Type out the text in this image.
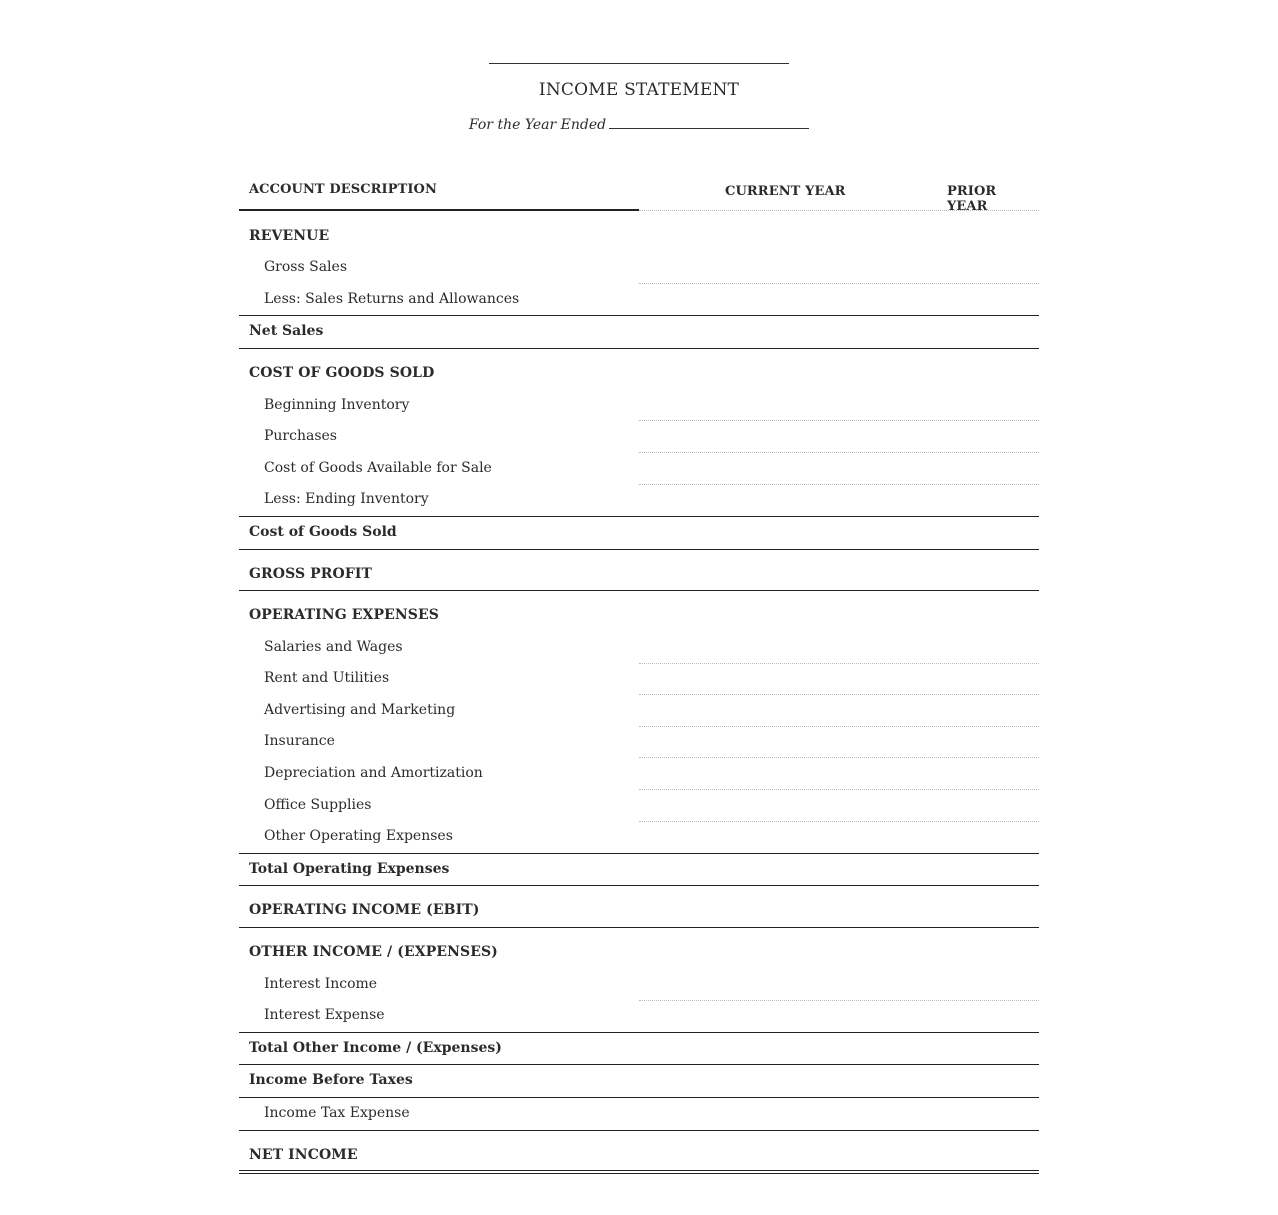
INCOME STATEMENT
For the Year Ended
ACCOUNT DESCRIPTION	CURRENT YEAR	PRIOR YEAR
REVENUE
Gross Sales
Less: Sales Returns and Allowances
Net Sales
COST OF GOODS SOLD
Beginning Inventory
Purchases
Cost of Goods Available for Sale
Less: Ending Inventory
Cost of Goods Sold
GROSS PROFIT
OPERATING EXPENSES
Salaries and Wages
Rent and Utilities
Advertising and Marketing
Insurance
Depreciation and Amortization
Office Supplies
Other Operating Expenses
Total Operating Expenses
OPERATING INCOME (EBIT)
OTHER INCOME / (EXPENSES)
Interest Income
Interest Expense
Total Other Income / (Expenses)
Income Before Taxes
Income Tax Expense
NET INCOME
